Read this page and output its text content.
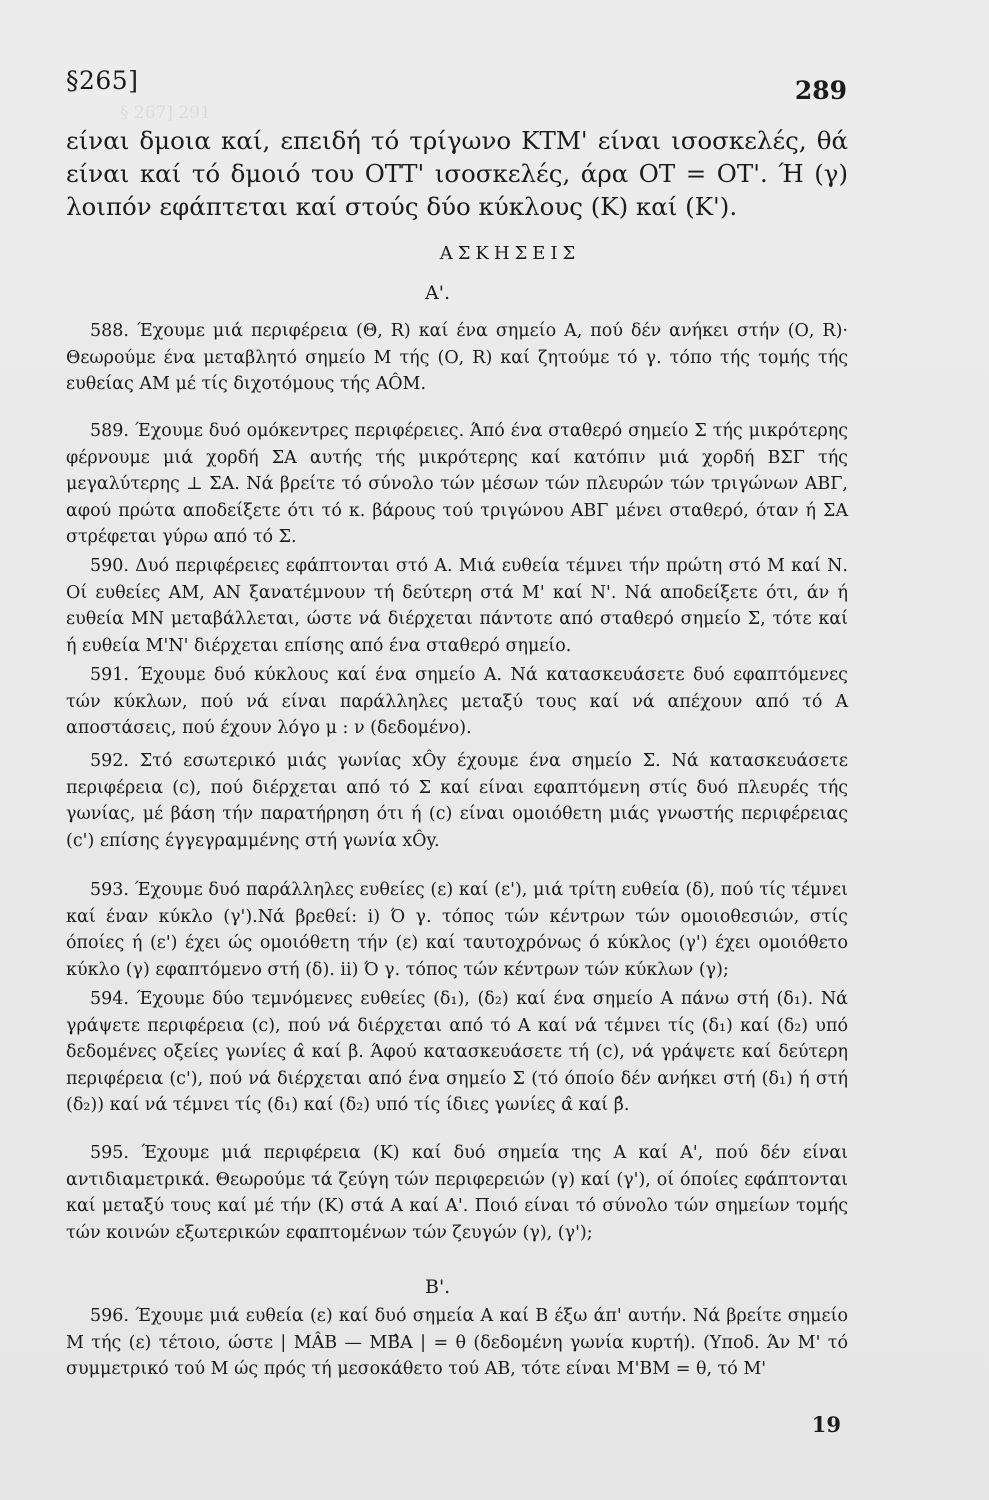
§ 267] 291
§265]	289

είναι δμοια καί, επειδή τό τρίγωνο ΚΤΜ' είναι ισοσκελές, θά είναι καί τό δμοιό του ΟΤΤ' ισοσκελές, άρα ΟΤ = ΟΤ'. Ή (γ) λοιπόν εφάπτεται καί στούς δύο κύκλους (Κ) καί (Κ').

ΑΣΚΗΣΕΙΣ
Α'.
588. Έχουμε μιά περιφέρεια (Θ, R) καί ένα σημείο Α, πού δέν ανήκει στήν (Ο, R)· Θεωρούμε ένα μεταβλητό σημείο Μ τής (Ο, R) καί ζητούμε τό γ. τόπο τής τομής τής ευθείας ΑΜ μέ τίς διχοτόμους τής ΑÔΜ.
589. Έχουμε δυό ομόκεντρες περιφέρειες. Άπό ένα σταθερό σημείο Σ τής μικρότερης φέρνουμε μιά χορδή ΣΑ αυτής τής μικρότερης καί κατόπιν μιά χορδή ΒΣΓ τής μεγαλύτερης ⊥ ΣΑ. Νά βρείτε τό σύνολο τών μέσων τών πλευρών τών τριγώνων ΑΒΓ, αφού πρώτα αποδείξετε ότι τό κ. βάρους τού τριγώνου ΑΒΓ μένει σταθερό, όταν ή ΣΑ στρέφεται γύρω από τό Σ.
590. Δυό περιφέρειες εφάπτονται στό Α. Μιά ευθεία τέμνει τήν πρώτη στό Μ καί Ν. Οί ευθείες ΑΜ, ΑΝ ξανατέμνουν τή δεύτερη στά Μ' καί Ν'. Νά αποδείξετε ότι, άν ή ευθεία ΜΝ μεταβάλλεται, ώστε νά διέρχεται πάντοτε από σταθερό σημείο Σ, τότε καί ή ευθεία Μ'Ν' διέρχεται επίσης από ένα σταθερό σημείο.
591. Έχουμε δυό κύκλους καί ένα σημείο Α. Νά κατασκευάσετε δυό εφαπτόμενες τών κύκλων, πού νά είναι παράλληλες μεταξύ τους καί νά απέχουν από τό Α αποστάσεις, πού έχουν λόγο μ : ν (δεδομένο).
592. Στό εσωτερικό μιάς γωνίας xÔy έχουμε ένα σημείο Σ. Νά κατασκευάσετε περιφέρεια (c), πού διέρχεται από τό Σ καί είναι εφαπτόμενη στίς δυό πλευρές τής γωνίας, μέ βάση τήν παρατήρηση ότι ή (c) είναι ομοιόθετη μιάς γνωστής περιφέρειας (c') επίσης έγγεγραμμένης στή γωνία xÔy.
593. Έχουμε δυό παράλληλες ευθείες (ε) καί (ε'), μιά τρίτη ευθεία (δ), πού τίς τέμνει καί έναν κύκλο (γ').Νά βρεθεί: i) Ό γ. τόπος τών κέντρων τών ομοιοθεσιών, στίς όποίες ή (ε') έχει ώς ομοιόθετη τήν (ε) καί ταυτοχρόνως ό κύκλος (γ') έχει ομοιόθετο κύκλο (γ) εφαπτόμενο στή (δ). ii) Ό γ. τόπος τών κέντρων τών κύκλων (γ);
594. Έχουμε δύο τεμνόμενες ευθείες (δ₁), (δ₂) καί ένα σημείο Α πάνω στή (δ₁). Νά γράψετε περιφέρεια (c), πού νά διέρχεται από τό Α καί νά τέμνει τίς (δ₁) καί (δ₂) υπό δεδομένες οξείες γωνίες α̂ καί β. Άφού κατασκευάσετε τή (c), νά γράψετε καί δεύτερη περιφέρεια (c'), πού νά διέρχεται από ένα σημείο Σ (τό όποίο δέν ανήκει στή (δ₁) ή στή (δ₂)) καί νά τέμνει τίς (δ₁) καί (δ₂) υπό τίς ίδιες γωνίες α̂ καί β̂.
595. Έχουμε μιά περιφέρεια (Κ) καί δυό σημεία της Α καί Α', πού δέν είναι αντιδιαμετρικά. Θεωρούμε τά ζεύγη τών περιφερειών (γ) καί (γ'), οί όποίες εφάπτονται καί μεταξύ τους καί μέ τήν (Κ) στά Α καί Α'. Ποιό είναι τό σύνολο τών σημείων τομής τών κοινών εξωτερικών εφαπτομένων τών ζευγών (γ), (γ');
Β'.
596. Έχουμε μιά ευθεία (ε) καί δυό σημεία Α καί Β έξω άπ' αυτήν. Νά βρείτε σημείο Μ τής (ε) τέτοιο, ώστε | ΜÂΒ — ΜΒ̂Α | = θ (δεδομένη γωνία κυρτή). (Υποδ. Άν Μ' τό συμμετρικό τού Μ ώς πρός τή μεσοκάθετο τού ΑΒ, τότε είναι Μ'ΒΜ = θ, τό Μ'
19
